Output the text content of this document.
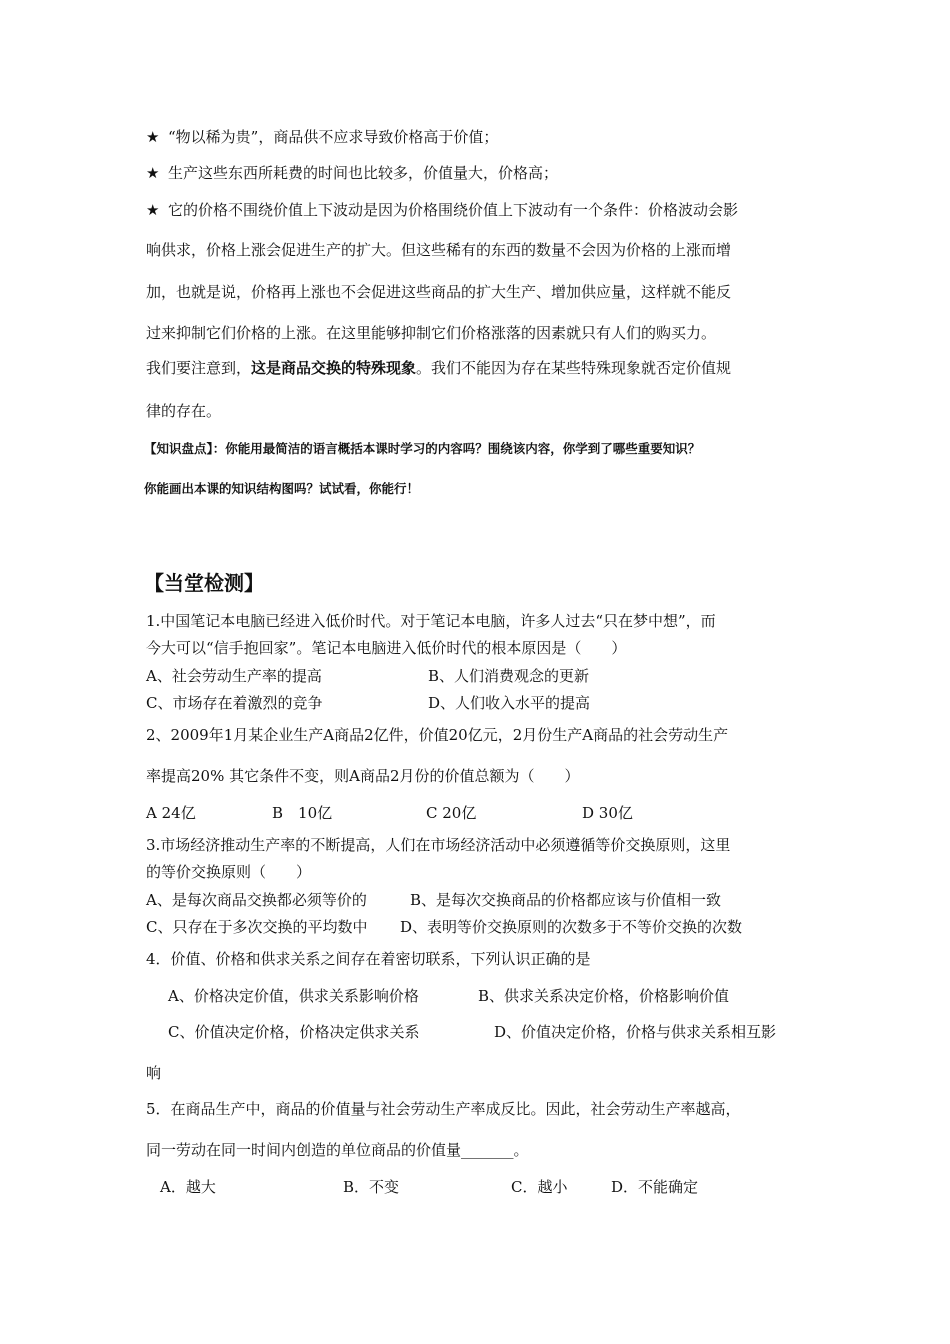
★ “物以稀为贵”，商品供不应求导致价格高于价值；
★ 生产这些东西所耗费的时间也比较多，价值量大，价格高；
★ 它的价格不围绕价值上下波动是因为价格围绕价值上下波动有一个条件：价格波动会影
响供求，价格上涨会促进生产的扩大。但这些稀有的东西的数量不会因为价格的上涨而增
加，也就是说，价格再上涨也不会促进这些商品的扩大生产、增加供应量，这样就不能反
过来抑制它们价格的上涨。在这里能够抑制它们价格涨落的因素就只有人们的购买力。
我们要注意到，这是商品交换的特殊现象。我们不能因为存在某些特殊现象就否定价值规
律的存在。
【知识盘点】：你能用最简洁的语言概括本课时学习的内容吗？围绕该内容，你学到了哪些重要知识？
你能画出本课的知识结构图吗？试试看，你能行！
【当堂检测】
1.中国笔记本电脑已经进入低价时代。对于笔记本电脑，许多人过去“只在梦中想”，而
今大可以“信手抱回家”。笔记本电脑进入低价时代的根本原因是（　　）
A、社会劳动生产率的提高	B、人们消费观念的更新
C、市场存在着激烈的竞争	D、人们收入水平的提高
2、2009年1月某企业生产A商品2亿件，价值20亿元，2月份生产A商品的社会劳动生产
率提高20% 其它条件不变，则A商品2月份的价值总额为（　　）
A 24亿	B　10亿	C 20亿	D 30亿
3.市场经济推动生产率的不断提高，人们在市场经济活动中必须遵循等价交换原则，这里
的等价交换原则（　　）
A、是每次商品交换都必须等价的	B、是每次交换商品的价格都应该与价值相一致
C、只存在于多次交换的平均数中 D、表明等价交换原则的次数多于不等价交换的次数
4．价值、价格和供求关系之间存在着密切联系，下列认识正确的是
A、价格决定价值，供求关系影响价格	B、供求关系决定价格，价格影响价值
C、价值决定价格，价格决定供求关系	D、价值决定价格，价格与供求关系相互影
响
5．在商品生产中，商品的价值量与社会劳动生产率成反比。因此，社会劳动生产率越高，
同一劳动在同一时间内创造的单位商品的价值量_______。
A．越大	B．不变	C．越小	D．不能确定
